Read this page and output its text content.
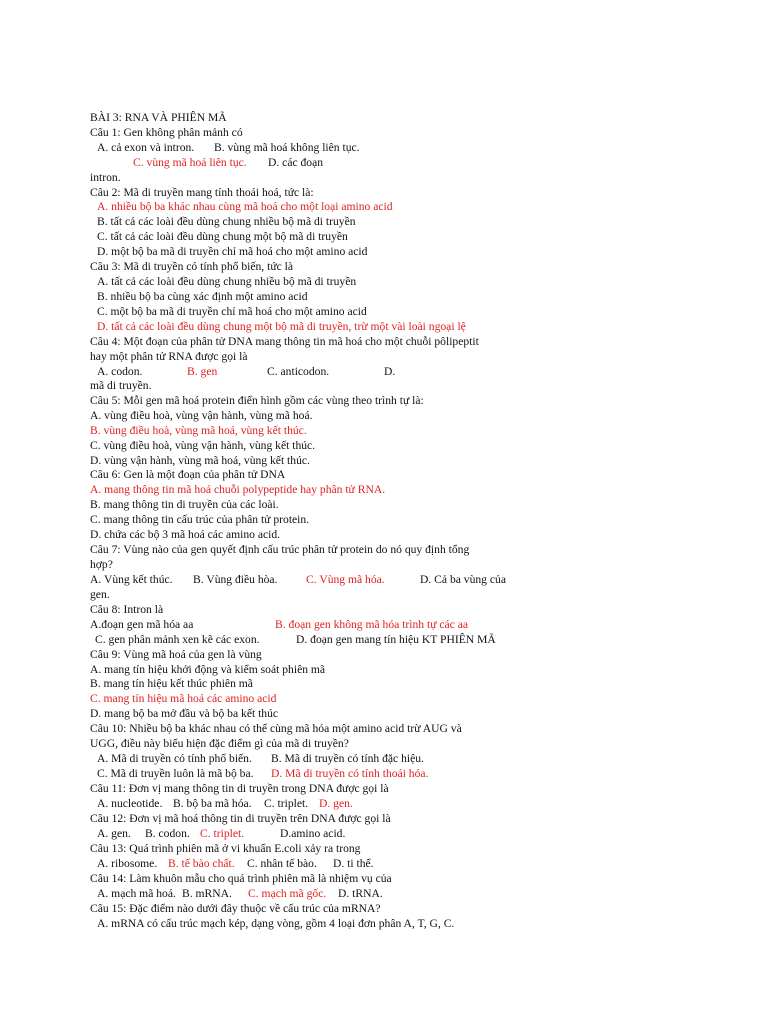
BÀI 3: RNA VÀ PHIÊN MÃ
Câu 1: Gen không phân mảnh có
A. cả exon và intron. B. vùng mã hoá không liên tục.
C. vùng mã hoá liên tục. D. các đoạn
intron.
Câu 2: Mã di truyền mang tính thoái hoá, tức là:
A. nhiều bộ ba khác nhau cùng mã hoá cho một loại amino acid
B. tất cả các loài đều dùng chung nhiều bộ mã di truyền
C. tất cả các loài đều dùng chung một bộ mã di truyền
D. một bộ ba mã di truyền chỉ mã hoá cho một amino acid
Câu 3: Mã di truyền có tính phổ biến, tức là
A. tất cả các loài đều dùng chung nhiều bộ mã di truyền
B. nhiều bộ ba cùng xác định một amino acid
C. một bộ ba mã di truyền chỉ mã hoá cho một amino acid
D. tất cả các loài đều dùng chung một bộ mã di truyền, trừ một vài loài ngoại lệ
Câu 4: Một đoạn của phân tử DNA mang thông tin mã hoá cho một chuỗi pôlipeptit
hay một phân tử RNA được gọi là
A. codon.	B. gen	C. anticodon.	D.
mã di truyền.
Câu 5: Mỗi gen mã hoá protein điển hình gồm các vùng theo trình tự là:
A. vùng điều hoà, vùng vận hành, vùng mã hoá.
B. vùng điều hoà, vùng mã hoá, vùng kết thúc.
C. vùng điều hoà, vùng vận hành, vùng kết thúc.
D. vùng vận hành, vùng mã hoá, vùng kết thúc.
Câu 6: Gen là một đoạn của phân tử DNA
A. mang thông tin mã hoá chuỗi polypeptide hay phân tử RNA.
B. mang thông tin di truyền của các loài.
C. mang thông tin cấu trúc của phân tử protein.
D. chứa các bộ 3 mã hoá các amino acid.
Câu 7: Vùng nào của gen quyết định cấu trúc phân tử protein do nó quy định tổng
hợp?
A. Vùng kết thúc. B. Vùng điều hòa. C. Vùng mã hóa.	D. Cả ba vùng của
gen.
Câu 8: Intron là
A.đoạn gen mã hóa aa	B. đoạn gen không mã hóa trình tự các aa
C. gen phân mảnh xen kẽ các exon.	D. đoạn gen mang tín hiệu KT PHIÊN MÃ
Câu 9: Vùng mã hoá của gen là vùng
A. mang tín hiệu khởi động và kiểm soát phiên mã
B. mang tín hiệu kết thúc phiên mã
C. mang tín hiệu mã hoá các amino acid
D. mang bộ ba mở đầu và bộ ba kết thúc
Câu 10: Nhiều bộ ba khác nhau có thể cùng mã hóa một amino acid trừ AUG và
UGG, điều này biểu hiện đặc điểm gì của mã di truyền?
A. Mã di truyền có tính phổ biến. B. Mã di truyền có tính đặc hiệu.
C. Mã di truyền luôn là mã bộ ba. D. Mã di truyền có tính thoái hóa.
Câu 11: Đơn vị mang thông tin di truyền trong DNA được gọi là
A. nucleotide. B. bộ ba mã hóa. C. triplet. D. gen.
Câu 12: Đơn vị mã hoá thông tin di truyền trên DNA được gọi là
A. gen. B. codon. C. triplet.	D.amino acid.
Câu 13: Quá trình phiên mã ở vi khuẩn E.coli xảy ra trong
A. ribosome. B. tế bào chất. C. nhân tế bào. D. ti thể.
Câu 14: Làm khuôn mẫu cho quá trình phiên mã là nhiệm vụ của
A. mạch mã hoá. B. mRNA. C. mạch mã gốc. D. tRNA.
Câu 15: Đặc điểm nào dưới đây thuộc về cấu trúc của mRNA?
A. mRNA có cấu trúc mạch kép, dạng vòng, gồm 4 loại đơn phân A, T, G, C.
